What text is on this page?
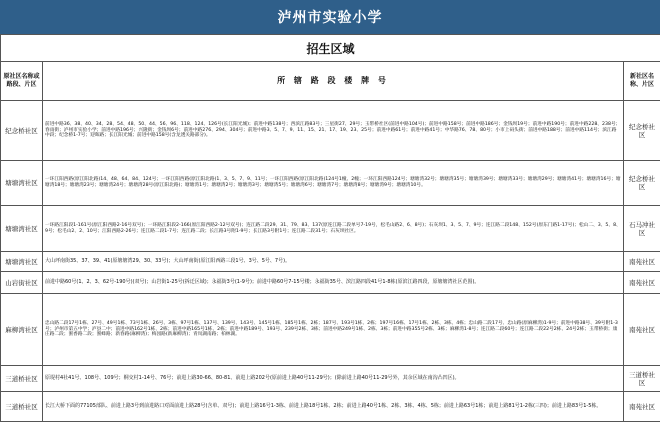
泸州市实验小学
招生区域		
原社区名称或路段、片区	所 辖 路 段 楼 牌 号	新社区名称、片区
纪念桥社区	前进中路36、38、40、34、28、54、48、50、44、56、96、118、124、126号(长江阳光城)；前进中路138号；西滨江路83号；三星街27、29号；玉带桥社区(前进中路104号)；前进中路158号；前进中路186号；金钱坝19号；前进中路190号；前进中路228、238号；春雨街；泸州市实验小学；前进中路196号；兴隆街；金钱坝6号；前进中路276、294、304号；前进中路3、5、7、9、11、15、21、17、19、23、25号；前进中路61号；前进中路41号；中华路76、78、80号；小市上码头街；前进中路188号；前进中路114号；滨江路中段；纪念桥1-7号；迎晖路；长江阳光城；前进中路158号(含龙透关路部分)。	纪念桥社区
塘塘湾社区	一环江阳西路(原江阳北路)14、48、64、84、124号；一环江阳西路(原江阳北路)1、3、5、7、9、11号；一环江阳西路(原江阳北路)124号1幢、2幢；一环江阳西路124号；塘塘湾32号；塘塘湾35号；塘塘湾39号；塘塘湾33号；塘塘湾29号；塘塘湾41号；塘塘湾16号；塘塘湾18号；塘塘湾23号；塘塘湾24号；塘塘湾28号(原江阳北路)；塘塘湾1号；塘塘湾2号；塘塘湾3号；塘塘湾5号；塘塘湾6号；塘塘湾7号；塘塘湾8号；塘塘湾9号；塘塘湾10号。	纪念桥社区
塘塘湾社区	一环路江阳段1-161号(原江阳西路2-16号双号)；一环路江阳段2-166(原江阳西路2-12号双号)；连江路二段29、31、79、83、137(原连江路二段单号7-19号，松毛山路2、6、8号)；石灰坝1、3、5、7、9号；连江路二段148、152号(原东门路1-17号)；松山二、3、5、8、9号；松毛山2、2、10号；江阳西路2-26号；连江路二段1-7号；连江路二段；长江路3号附1-9号；长江路3号附1号；连江路二段31号；石灰坝社区。	石马冲社区
塘塘湾社区	大山坪南街35、37、39、41(原塘塘湾29、30、33号)；大山坪南街(原江阳西路三段1号、3号、5号、7号)。	南苑社区
山岩街社区	前进中路60号(1、2、3、62号-190号)(双号)；山岩街1-25号(拆迁区域)；永福街3号(1-9号)；前进中路60号7-15号楼；永福街35号、滨江路四段41号1-8栋(原滨江路四段，原塘塘湾社区范围)。	南苑社区
麻柳湾社区	忠山路二段17号1栋、27号、49号1栋、73号1栋、26号、3栋、97号1栋、137号、139号、143号、145号1栋、185号1栋、2栋；187号、193号1栋、2栋；197号16栋、17号1栋、2栋、3栋、4栋；忠山路二段17号、忠山路(原麻柳湾)1-9号；前进中路38号、39号附1-3号；泸州市第五中学；泸县二中；前进中路162号1栋、2栋；前进中路165号1栋、2栋；前进中路189号、193号、239号2栋、3栋；前进中路249号1栋、2栋、3栋；前进中路355号2栋、3栋；麻柳湾1-8号；连江路二段60号；连江路二段22号2栋、24号2栋；玉带桥街；康庄路二段；蜜香路二段；蜜蜂路；新春路(麻柳湾)；梅园路(新麻柳湾)；青岚湖南路；柏林湖。	南苑社区
三道桥社区	原堤村4社41号、108号、109号；桐交村1-14号、76号；前进上路30-66、80-81、前进上路202号(原前进上路40号11-29号)；(除前进上路40号11-29号外，其余区域在南沟凸凹区)。	三道桥社区
三道桥社区	长江大桥下面的77105部队、前进上路3号到前进路口对面前进上路28号(含单、双号)；前进上路16号1-3栋、前进上路18号1栋、2栋；前进上路40号1栋、2栋、3栋、4栋、5栋；前进上路63号1栋；前进上路81号1-2栋(三四)；前进上路83号1-5栋。	南苑社区
